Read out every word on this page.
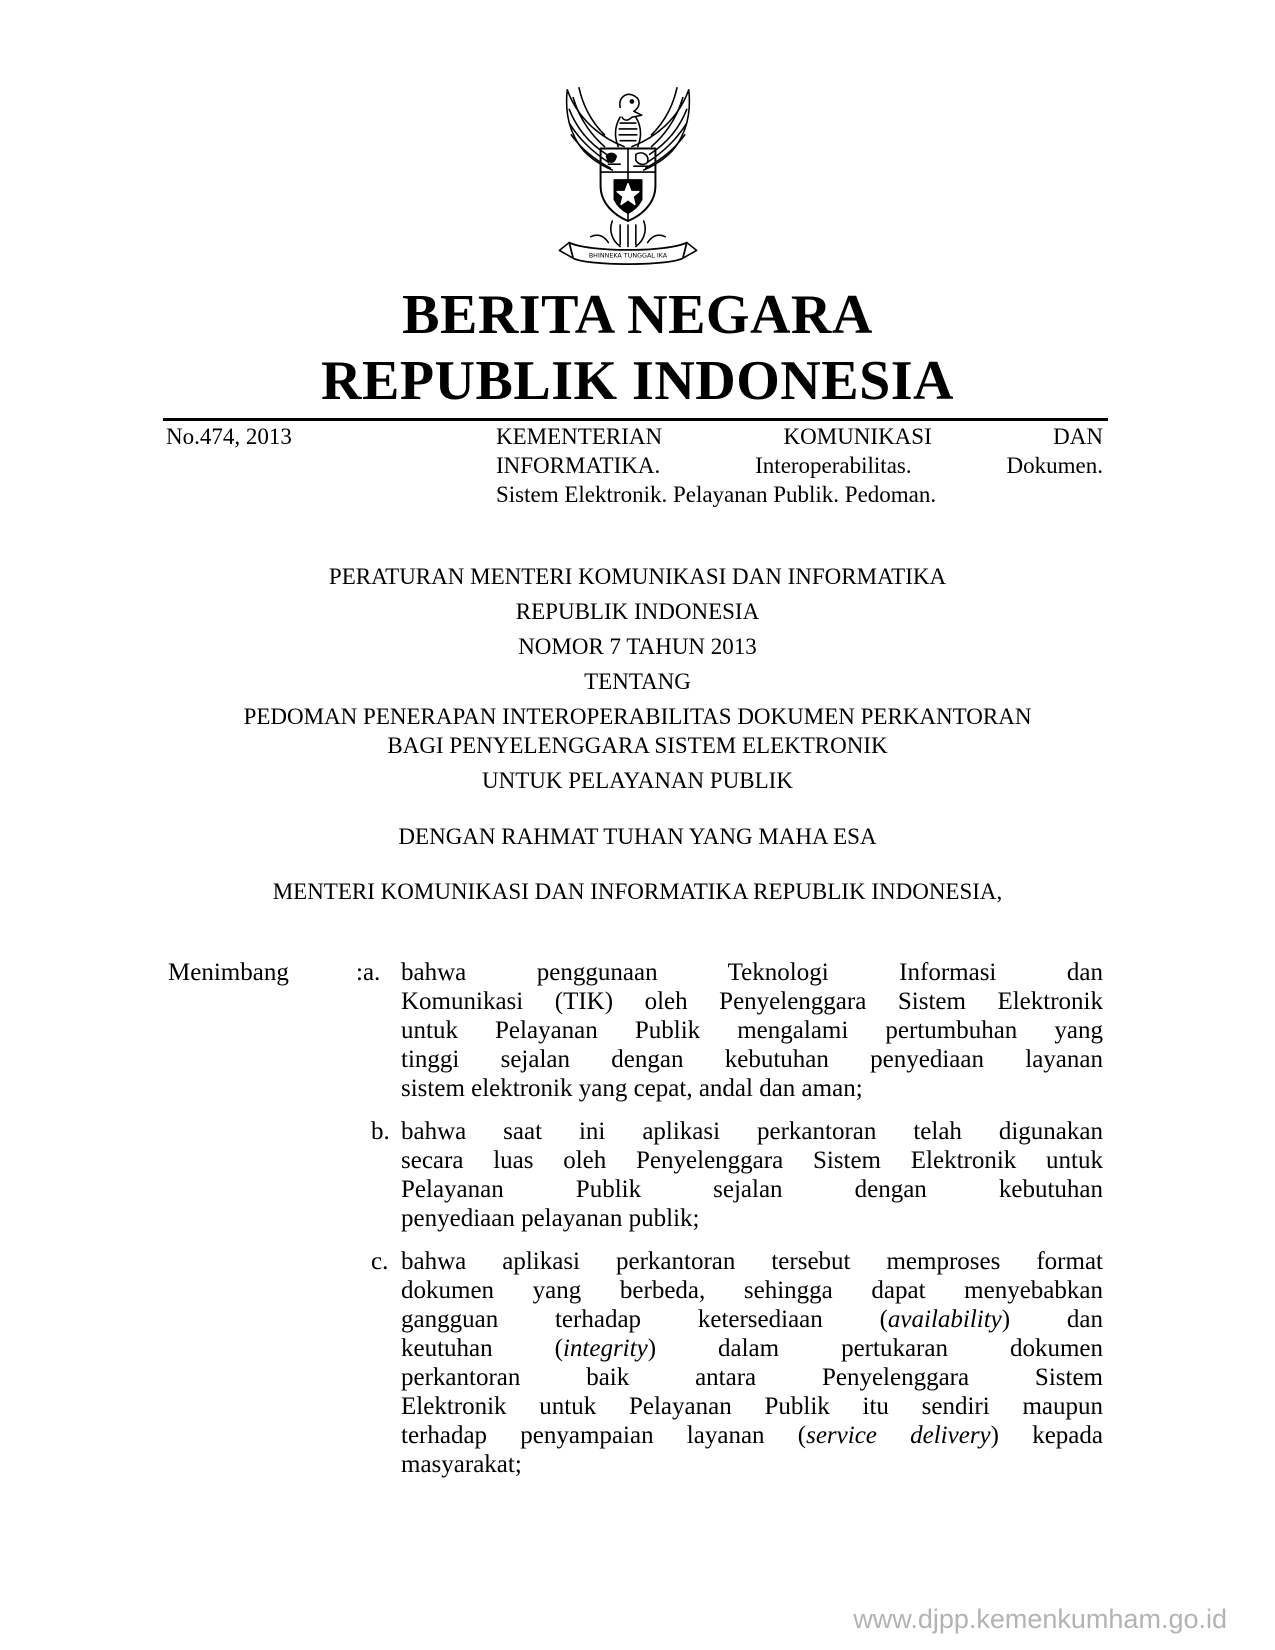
BHINNEKA TUNGGAL IKA
BERITA NEGARA
REPUBLIK INDONESIA
No.474, 2013	KEMENTERIAN KOMUNIKASI DAN
INFORMATIKA. Interoperabilitas. Dokumen.
Sistem Elektronik. Pelayanan Publik. Pedoman.
PERATURAN MENTERI KOMUNIKASI DAN INFORMATIKA
REPUBLIK INDONESIA
NOMOR 7 TAHUN 2013
TENTANG
PEDOMAN PENERAPAN INTEROPERABILITAS DOKUMEN PERKANTORAN
BAGI PENYELENGGARA SISTEM ELEKTRONIK
UNTUK PELAYANAN PUBLIK
DENGAN RAHMAT TUHAN YANG MAHA ESA
MENTERI KOMUNIKASI DAN INFORMATIKA REPUBLIK INDONESIA,
Menimbang	:a. bahwa penggunaan Teknologi Informasi dan
Komunikasi (TIK) oleh Penyelenggara Sistem Elektronik
untuk Pelayanan Publik mengalami pertumbuhan yang
tinggi sejalan dengan kebutuhan penyediaan layanan
sistem elektronik yang cepat, andal dan aman;
b. bahwa saat ini aplikasi perkantoran telah digunakan
secara luas oleh Penyelenggara Sistem Elektronik untuk
Pelayanan Publik sejalan dengan kebutuhan
penyediaan pelayanan publik;
c. bahwa aplikasi perkantoran tersebut memproses format
dokumen yang berbeda, sehingga dapat menyebabkan
gangguan terhadap ketersediaan (availability) dan
keutuhan (integrity) dalam pertukaran dokumen
perkantoran baik antara Penyelenggara Sistem
Elektronik untuk Pelayanan Publik itu sendiri maupun
terhadap penyampaian layanan (service delivery) kepada
masyarakat;
www.djpp.kemenkumham.go.id
